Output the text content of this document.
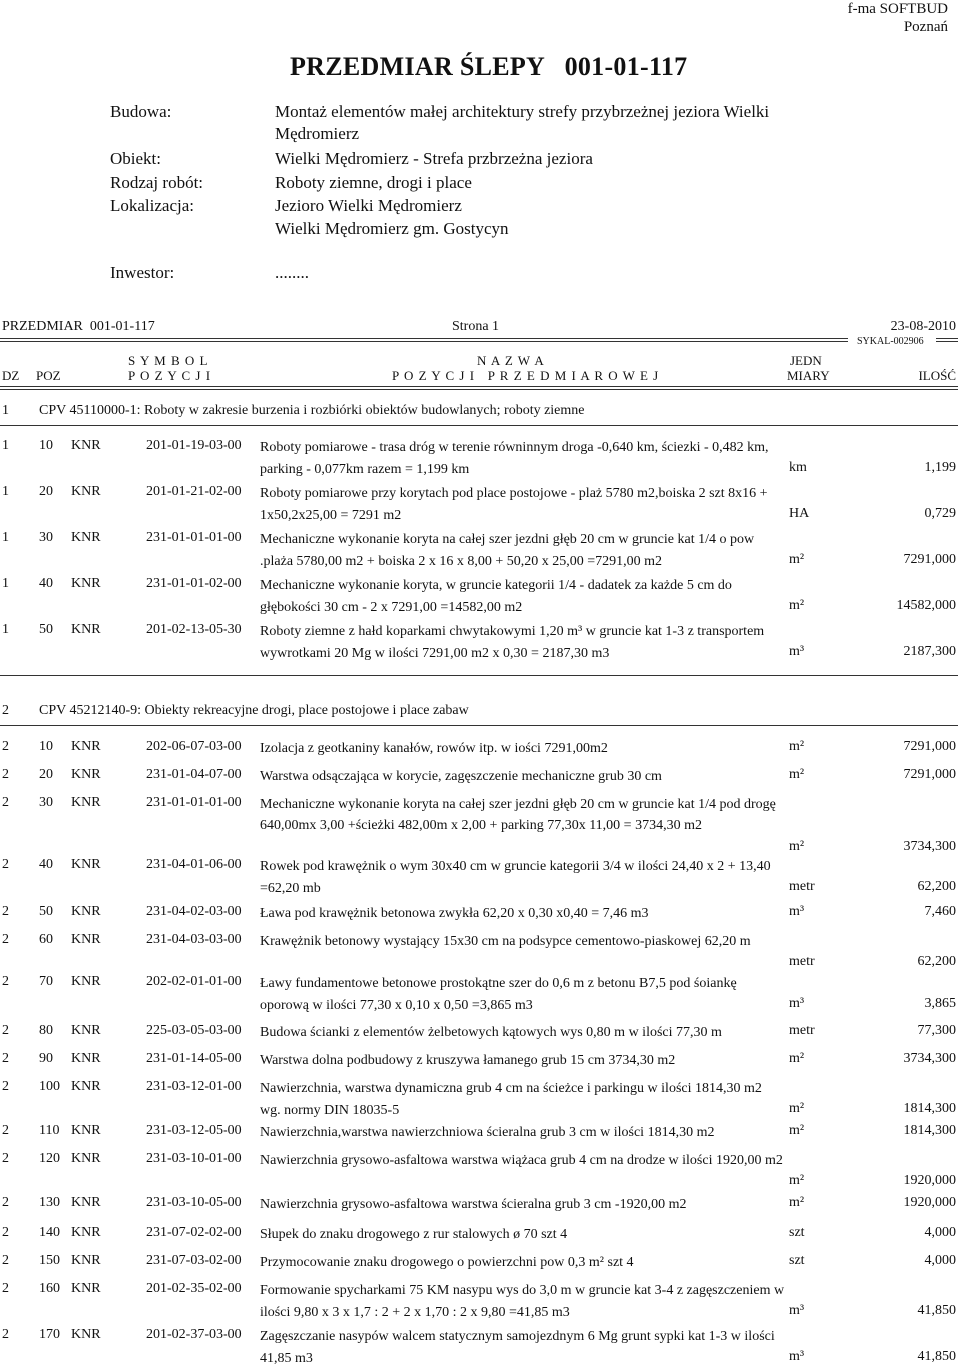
f-ma SOFTBUD
Poznań
PRZEDMIAR ŚLEPY   001-01-117
Budowa:	Montaż elementów małej architektury strefy przybrzeżnej jeziora Wielki
Mędromierz
Obiekt:	Wielki Mędromierz - Strefa przbrzeżna jeziora
Rodzaj robót:	Roboty ziemne, drogi i place
Lokalizacja:	Jezioro Wielki Mędromierz
Wielki Mędromierz gm. Gostycyn
Inwestor:	........
PRZEDMIAR  001-01-117	Strona 1	23-08-2010
SYKAL-002906
S Y M B O L
P O Z Y C J I
N A Z W A
P O Z Y C J I   P R Z E D M I A R O W E J
JEDN
MIARY
DZ POZ	ILOŚĆ
1 CPV 45110000-1: Roboty w zakresie burzenia i rozbiórki obiektów budowlanych; roboty ziemne
1 10 KNR	201-01-19-03-00 Roboty pomiarowe - trasa dróg w terenie równinnym droga -0,640 km, ściezki - 0,482 km, parking - 0,077km razem = 1,199 km	km	1,199
1 20 KNR	201-01-21-02-00 Roboty pomiarowe przy korytach pod place postojowe - plaż 5780 m2,boiska 2 szt 8x16 + 1x50,2x25,00 = 7291 m2	HA	0,729
1 30 KNR	231-01-01-01-00 Mechaniczne wykonanie koryta na całej szer jezdni głęb 20 cm w gruncie kat 1/4 o pow .plaża 5780,00 m2 + boiska 2 x 16 x 8,00 + 50,20 x 25,00 =7291,00 m2	m²	7291,000
1 40 KNR	231-01-01-02-00 Mechaniczne wykonanie koryta, w gruncie kategorii 1/4 - dadatek za każde 5 cm do głębokości 30 cm - 2 x 7291,00 =14582,00 m2	m²	14582,000
1 50 KNR	201-02-13-05-30 Roboty ziemne z hałd koparkami chwytakowymi 1,20 m³ w gruncie kat 1-3 z transportem wywrotkami 20 Mg w ilości 7291,00 m2 x 0,30 = 2187,30 m3	m³	2187,300
2 CPV 45212140-9: Obiekty rekreacyjne drogi, place postojowe i place zabaw
2 10 KNR	202-06-07-03-00 Izolacja z geotkaniny kanałów, rowów itp. w iości 7291,00m2	m²	7291,000
2 20 KNR	231-01-04-07-00 Warstwa odsączająca w korycie, zagęszczenie mechaniczne grub 30 cm	m²	7291,000
2 30 KNR	231-01-01-01-00 Mechaniczne wykonanie koryta na całej szer jezdni głęb 20 cm w gruncie kat 1/4 pod drogę 640,00mx 3,00 +ścieżki 482,00m x 2,00 + parking 77,30x 11,00 = 3734,30 m2
m²	3734,300
2 40 KNR	231-04-01-06-00 Rowek pod krawężnik o wym 30x40 cm w gruncie kategorii 3/4 w ilości 24,40 x 2 + 13,40 =62,20 mb	metr	62,200
2 50 KNR	231-04-02-03-00 Ława pod krawężnik betonowa zwykła 62,20 x 0,30 x0,40 = 7,46 m3	m³	7,460
2 60 KNR	231-04-03-03-00 Krawężnik betonowy wystający 15x30 cm na podsypce cementowo-piaskowej 62,20 m
metr	62,200
2 70 KNR	202-02-01-01-00 Ławy fundamentowe betonowe prostokątne szer do 0,6 m z betonu B7,5 pod śoiankę oporową w ilości 77,30 x 0,10 x 0,50 =3,865 m3	m³	3,865
2 80 KNR	225-03-05-03-00 Budowa ścianki z elementów żelbetowych kątowych wys 0,80 m w ilości 77,30 m	metr	77,300
2 90 KNR	231-01-14-05-00 Warstwa dolna podbudowy z kruszywa łamanego grub 15 cm 3734,30 m2	m²	3734,300
2 100 KNR	231-03-12-01-00 Nawierzchnia, warstwa dynamiczna grub 4 cm na ścieżce i parkingu w ilości 1814,30 m2 wg. normy DIN 18035-5	m²	1814,300
2 110 KNR	231-03-12-05-00 Nawierzchnia,warstwa nawierzchniowa ścieralna grub 3 cm w ilości 1814,30 m2	m²	1814,300
2 120 KNR	231-03-10-01-00 Nawierzchnia grysowo-asfaltowa warstwa wiążaca grub 4 cm na drodze w ilości 1920,00 m2
m²	1920,000
2 130 KNR	231-03-10-05-00 Nawierzchnia grysowo-asfaltowa warstwa ścieralna grub 3 cm -1920,00 m2	m²	1920,000
2 140 KNR	231-07-02-02-00 Słupek do znaku drogowego z rur stalowych ø 70 szt 4	szt	4,000
2 150 KNR	231-07-03-02-00 Przymocowanie znaku drogowego o powierzchni pow 0,3 m² szt 4	szt	4,000
2 160 KNR	201-02-35-02-00 Formowanie spycharkami 75 KM nasypu wys do 3,0 m w gruncie kat 3-4 z zagęszczeniem w ilości 9,80 x 3 x 1,7 : 2 + 2 x 1,70 : 2 x 9,80 =41,85 m3	m³	41,850
2 170 KNR	201-02-37-03-00 Zagęszczanie nasypów walcem statycznym samojezdnym 6 Mg grunt sypki kat 1-3 w ilości 41,85 m3	m³	41,850
